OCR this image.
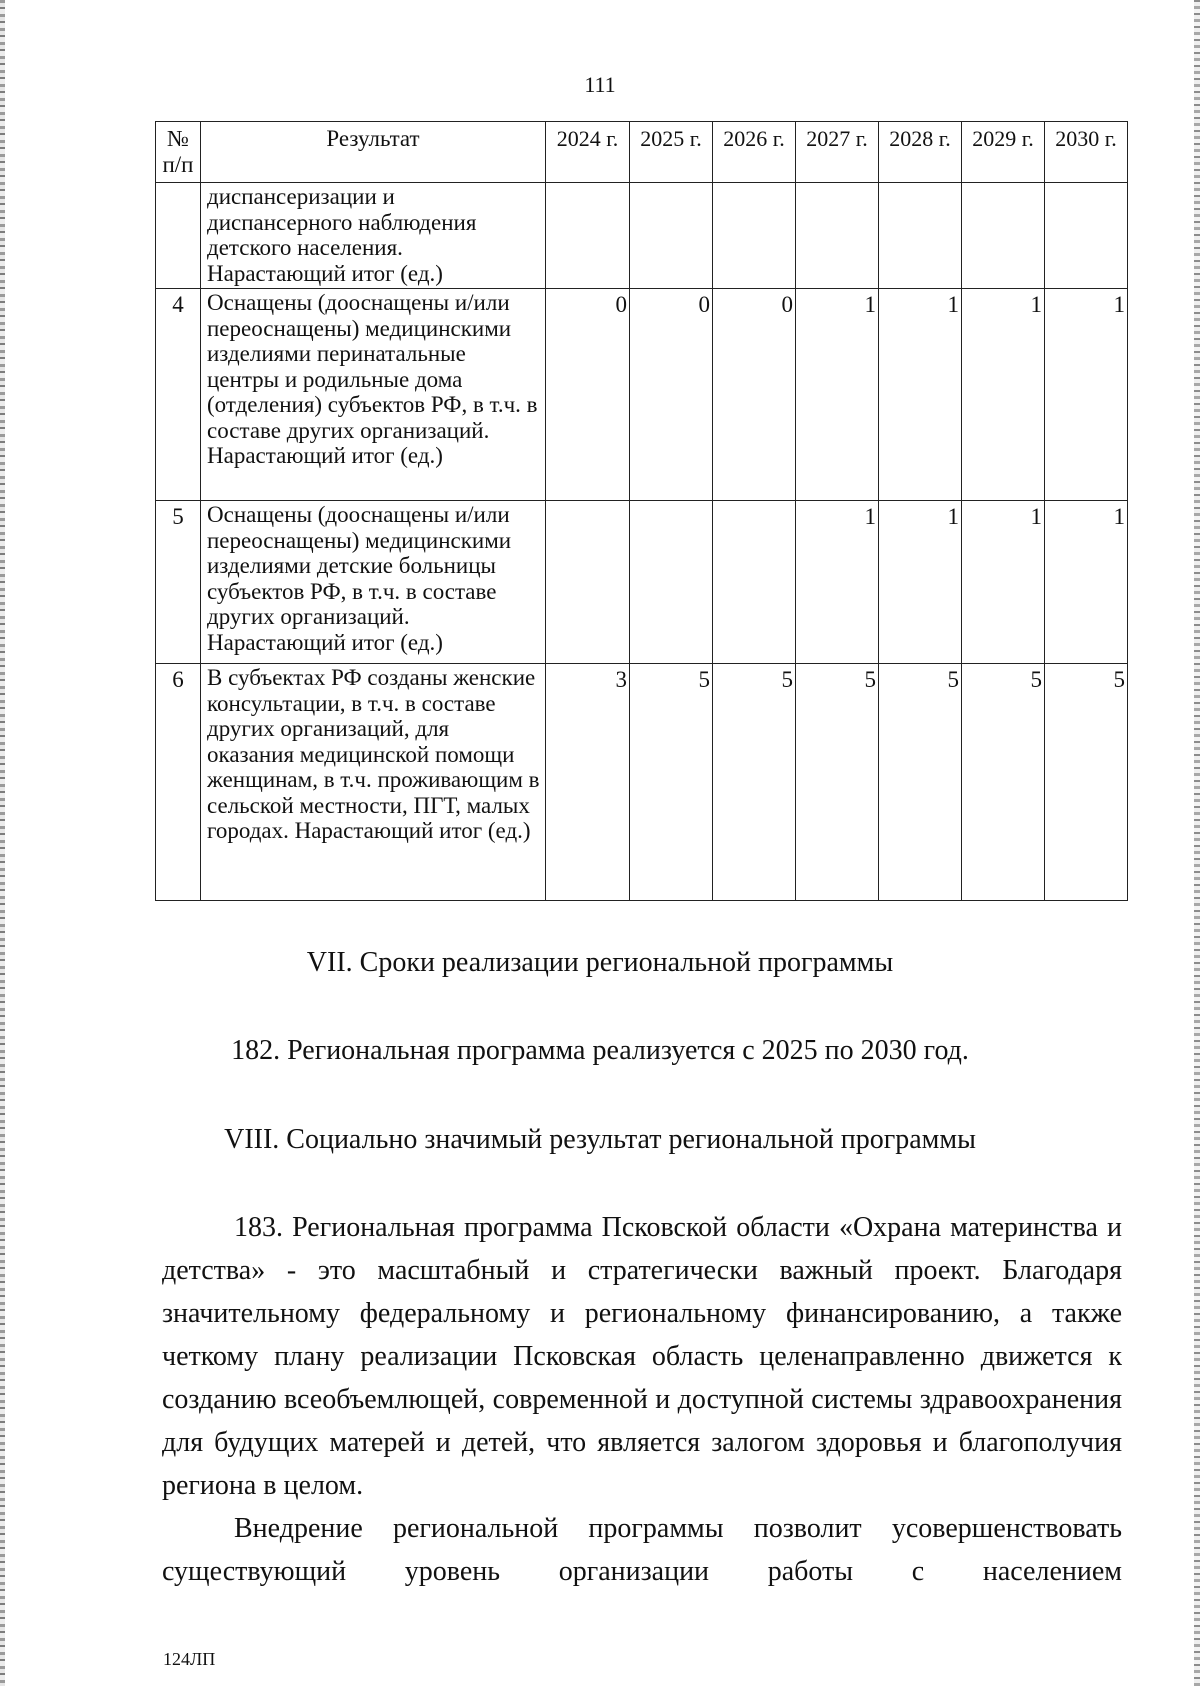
111
№ п/п	Результат	2024 г.	2025 г.	2026 г.	2027 г.	2028 г.	2029 г.	2030 г.
	диспансеризации и диспансерного наблюдения детского населения. Нарастающий итог (ед.)							
4	Оснащены (дооснащены и/или переоснащены) медицинскими изделиями перинатальные центры и родильные дома (отделения) субъектов РФ, в т.ч. в составе других организаций. Нарастающий итог (ед.)	0	0	0	1	1	1	1
5	Оснащены (дооснащены и/или переоснащены) медицинскими изделиями детские больницы субъектов РФ, в т.ч. в составе других организаций. Нарастающий итог (ед.)				1	1	1	1
6	В субъектах РФ созданы женские консультации, в т.ч. в составе других организаций, для оказания медицинской помощи женщинам, в т.ч. проживающим в сельской местности, ПГТ, малых городах. Нарастающий итог (ед.)	3	5	5	5	5	5	5
VII. Сроки реализации региональной программы
182. Региональная программа реализуется с 2025 по 2030 год.
VIII. Социально значимый результат региональной программы

183. Региональная программа Псковской области «Охрана материнства и детства» - это масштабный и стратегически важный проект. Благодаря значительному федеральному и региональному финансированию, а также четкому плану реализации Псковская область целенаправленно движется к созданию всеобъемлющей, современной и доступной системы здравоохранения для будущих матерей и детей, что является залогом здоровья и благополучия региона в целом.

Внедрение региональной программы позволит усовершенствовать существующий уровень организации работы с населением

124ЛП
